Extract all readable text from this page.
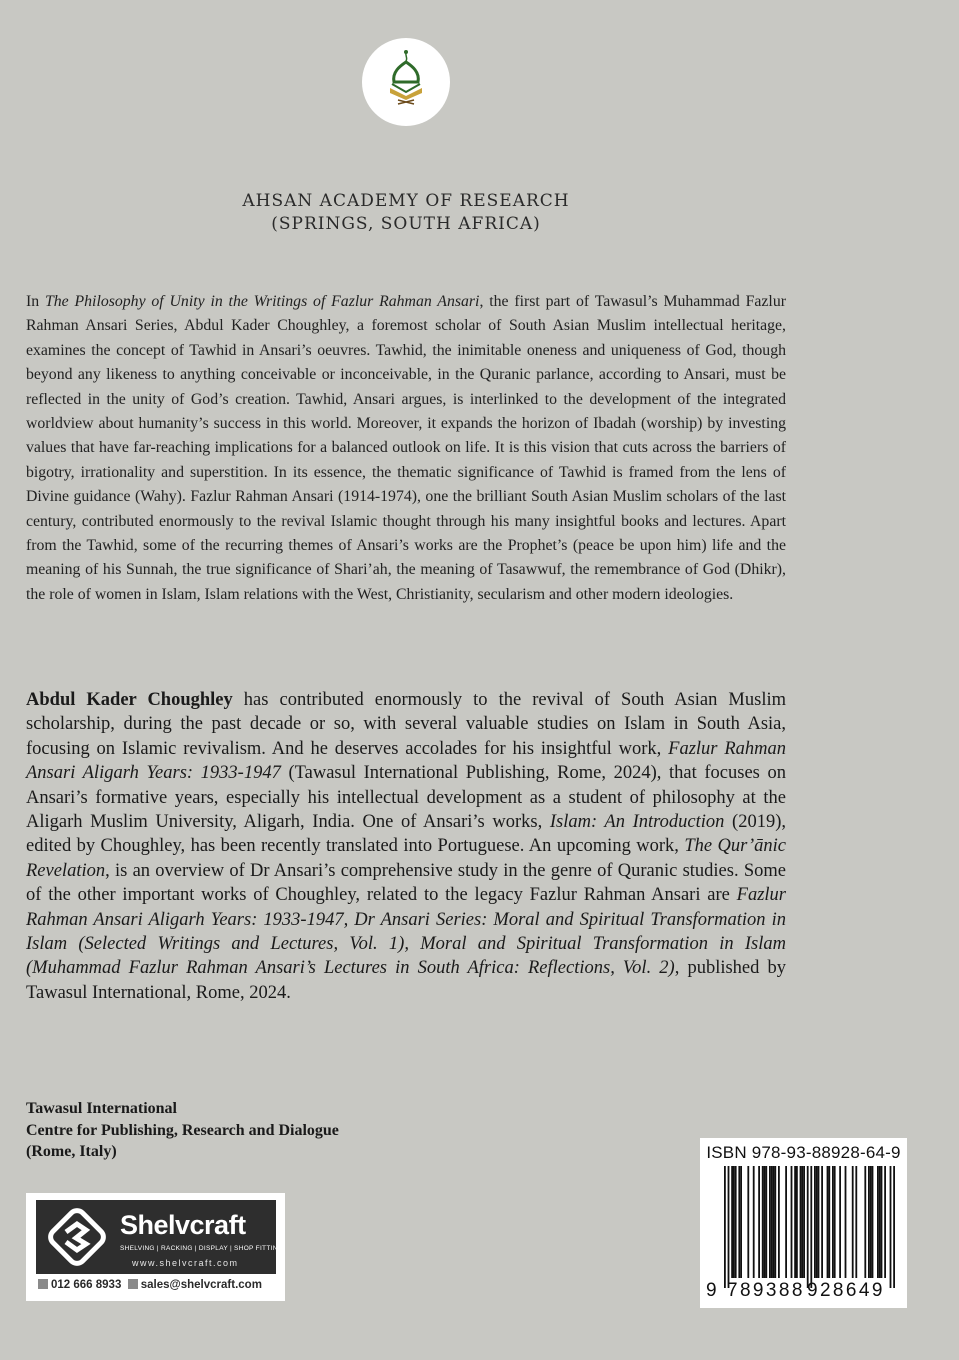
AHSAN ACADEMY OF RESEARCH
(SPRINGS, SOUTH AFRICA)

In The Philosophy of Unity in the Writings of Fazlur Rahman Ansari, the first part of Tawasul’s Muhammad Fazlur Rahman Ansari Series, Abdul Kader Choughley, a foremost scholar of South Asian Muslim intellectual heritage, examines the concept of Tawhid in Ansari’s oeuvres. Tawhid, the inimitable oneness and uniqueness of God, though beyond any likeness to anything conceivable or inconceivable, in the Quranic parlance, according to Ansari, must be reflected in the unity of God’s creation. Tawhid, Ansari argues, is interlinked to the development of the integrated worldview about humanity’s success in this world. Moreover, it expands the horizon of Ibadah (worship) by investing values that have far-reaching implications for a balanced outlook on life. It is this vision that cuts across the barriers of bigotry, irrationality and superstition. In its essence, the thematic significance of Tawhid is framed from the lens of Divine guidance (Wahy). Fazlur Rahman Ansari (1914-1974), one the brilliant South Asian Muslim scholars of the last century, contributed enormously to the revival Islamic thought through his many insightful books and lectures. Apart from the Tawhid, some of the recurring themes of Ansari’s works are the Prophet’s (peace be upon him) life and the meaning of his Sunnah, the true significance of Shari’ah, the meaning of Tasawwuf, the remembrance of God (Dhikr), the role of women in Islam, Islam relations with the West, Christianity, secularism and other modern ideologies.

Abdul Kader Choughley has contributed enormously to the revival of South Asian Muslim scholarship, during the past decade or so, with several valuable studies on Islam in South Asia, focusing on Islamic revivalism. And he deserves accolades for his insightful work, Fazlur Rahman Ansari Aligarh Years: 1933-1947 (Tawasul International Publishing, Rome, 2024), that focuses on Ansari’s formative years, especially his intellectual development as a student of philosophy at the Aligarh Muslim University, Aligarh, India. One of Ansari’s works, Islam: An Introduction (2019), edited by Choughley, has been recently translated into Portuguese. An upcoming work, The Qur’ānic Revelation, is an overview of Dr Ansari’s comprehensive study in the genre of Quranic studies. Some of the other important works of Choughley, related to the legacy Fazlur Rahman Ansari are Fazlur Rahman Ansari Aligarh Years: 1933-1947, Dr Ansari Series: Moral and Spiritual Transformation in Islam (Selected Writings and Lectures, Vol. 1), Moral and Spiritual Transformation in Islam (Muhammad Fazlur Rahman Ansari’s Lectures in South Africa: Reflections, Vol. 2), published by Tawasul International, Rome, 2024.

Tawasul International
Centre for Publishing, Research and Dialogue
(Rome, Italy)
Shelvcraft
SHELVING | RACKING | DISPLAY | SHOP FITTING
www.shelvcraft.com
012 666 8933 sales@shelvcraft.com
ISBN 978-93-88928-64-9
9 789388 928649
